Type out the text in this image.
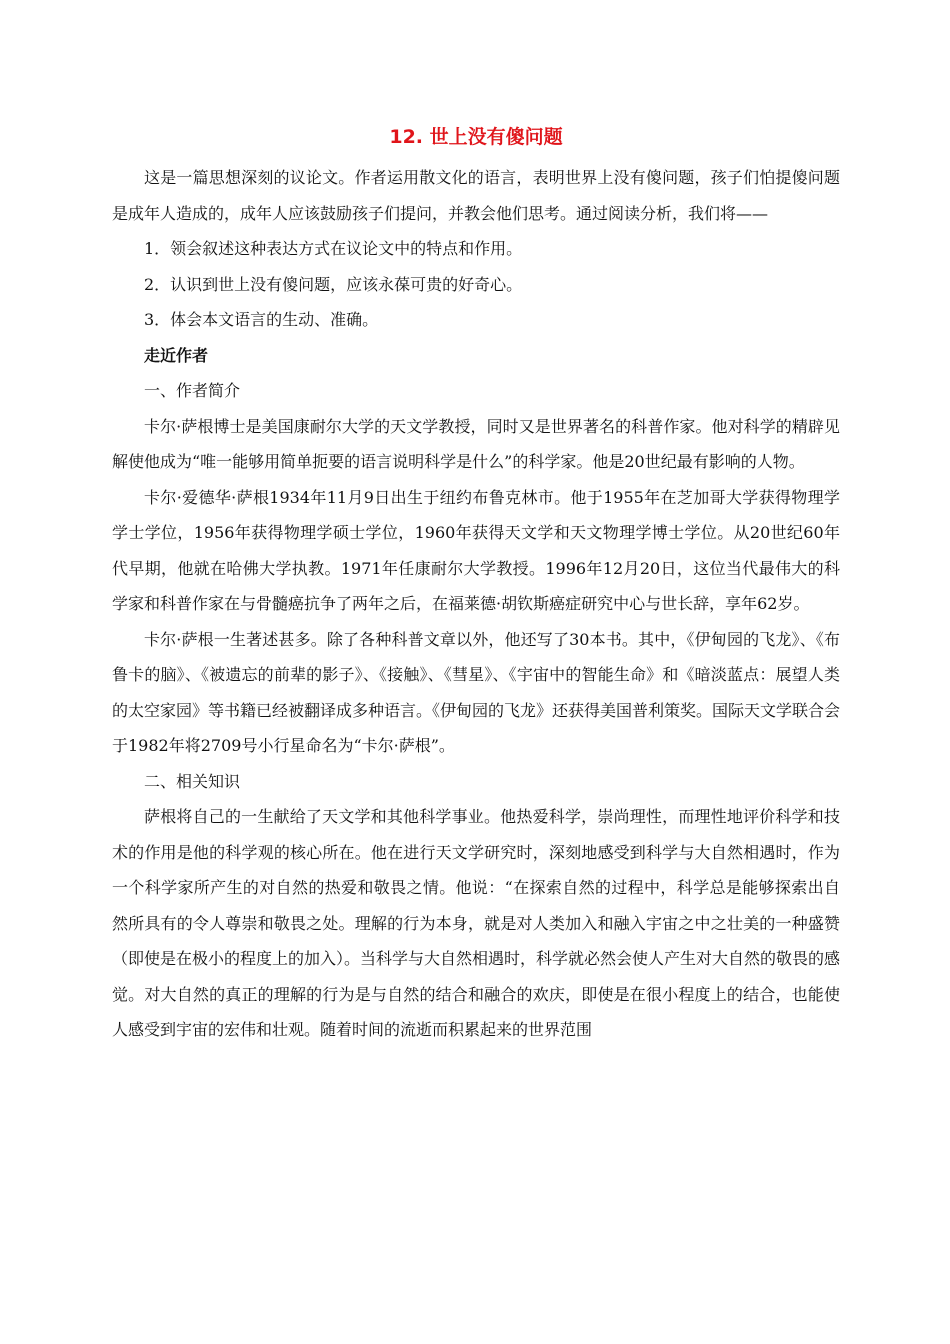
12. 世上没有傻问题

这是一篇思想深刻的议论文。作者运用散文化的语言，表明世界上没有傻问题，孩子们怕提傻问题是成年人造成的，成年人应该鼓励孩子们提问，并教会他们思考。通过阅读分析，我们将——

1．领会叙述这种表达方式在议论文中的特点和作用。

2．认识到世上没有傻问题，应该永葆可贵的好奇心。

3．体会本文语言的生动、准确。

走近作者

一、作者简介

卡尔·萨根博士是美国康耐尔大学的天文学教授，同时又是世界著名的科普作家。他对科学的精辟见解使他成为“唯一能够用简单扼要的语言说明科学是什么”的科学家。他是20世纪最有影响的人物。

卡尔·爱德华·萨根1934年11月9日出生于纽约布鲁克林市。他于1955年在芝加哥大学获得物理学学士学位，1956年获得物理学硕士学位，1960年获得天文学和天文物理学博士学位。从20世纪60年代早期，他就在哈佛大学执教。1971年任康耐尔大学教授。1996年12月20日，这位当代最伟大的科学家和科普作家在与骨髓癌抗争了两年之后，在福莱德·胡钦斯癌症研究中心与世长辞，享年62岁。

卡尔·萨根一生著述甚多。除了各种科普文章以外，他还写了30本书。其中，《伊甸园的飞龙》、《布鲁卡的脑》、《被遗忘的前辈的影子》、《接触》、《彗星》、《宇宙中的智能生命》和《暗淡蓝点：展望人类的太空家园》等书籍已经被翻译成多种语言。《伊甸园的飞龙》还获得美国普利策奖。国际天文学联合会于1982年将2709号小行星命名为“卡尔·萨根”。

二、相关知识

萨根将自己的一生献给了天文学和其他科学事业。他热爱科学，崇尚理性，而理性地评价科学和技术的作用是他的科学观的核心所在。他在进行天文学研究时，深刻地感受到科学与大自然相遇时，作为一个科学家所产生的对自然的热爱和敬畏之情。他说：“在探索自然的过程中，科学总是能够探索出自然所具有的令人尊崇和敬畏之处。理解的行为本身，就是对人类加入和融入宇宙之中之壮美的一种盛赞（即使是在极小的程度上的加入）。当科学与大自然相遇时，科学就必然会使人产生对大自然的敬畏的感觉。对大自然的真正的理解的行为是与自然的结合和融合的欢庆，即使是在很小程度上的结合，也能使人感受到宇宙的宏伟和壮观。随着时间的流逝而积累起来的世界范围
